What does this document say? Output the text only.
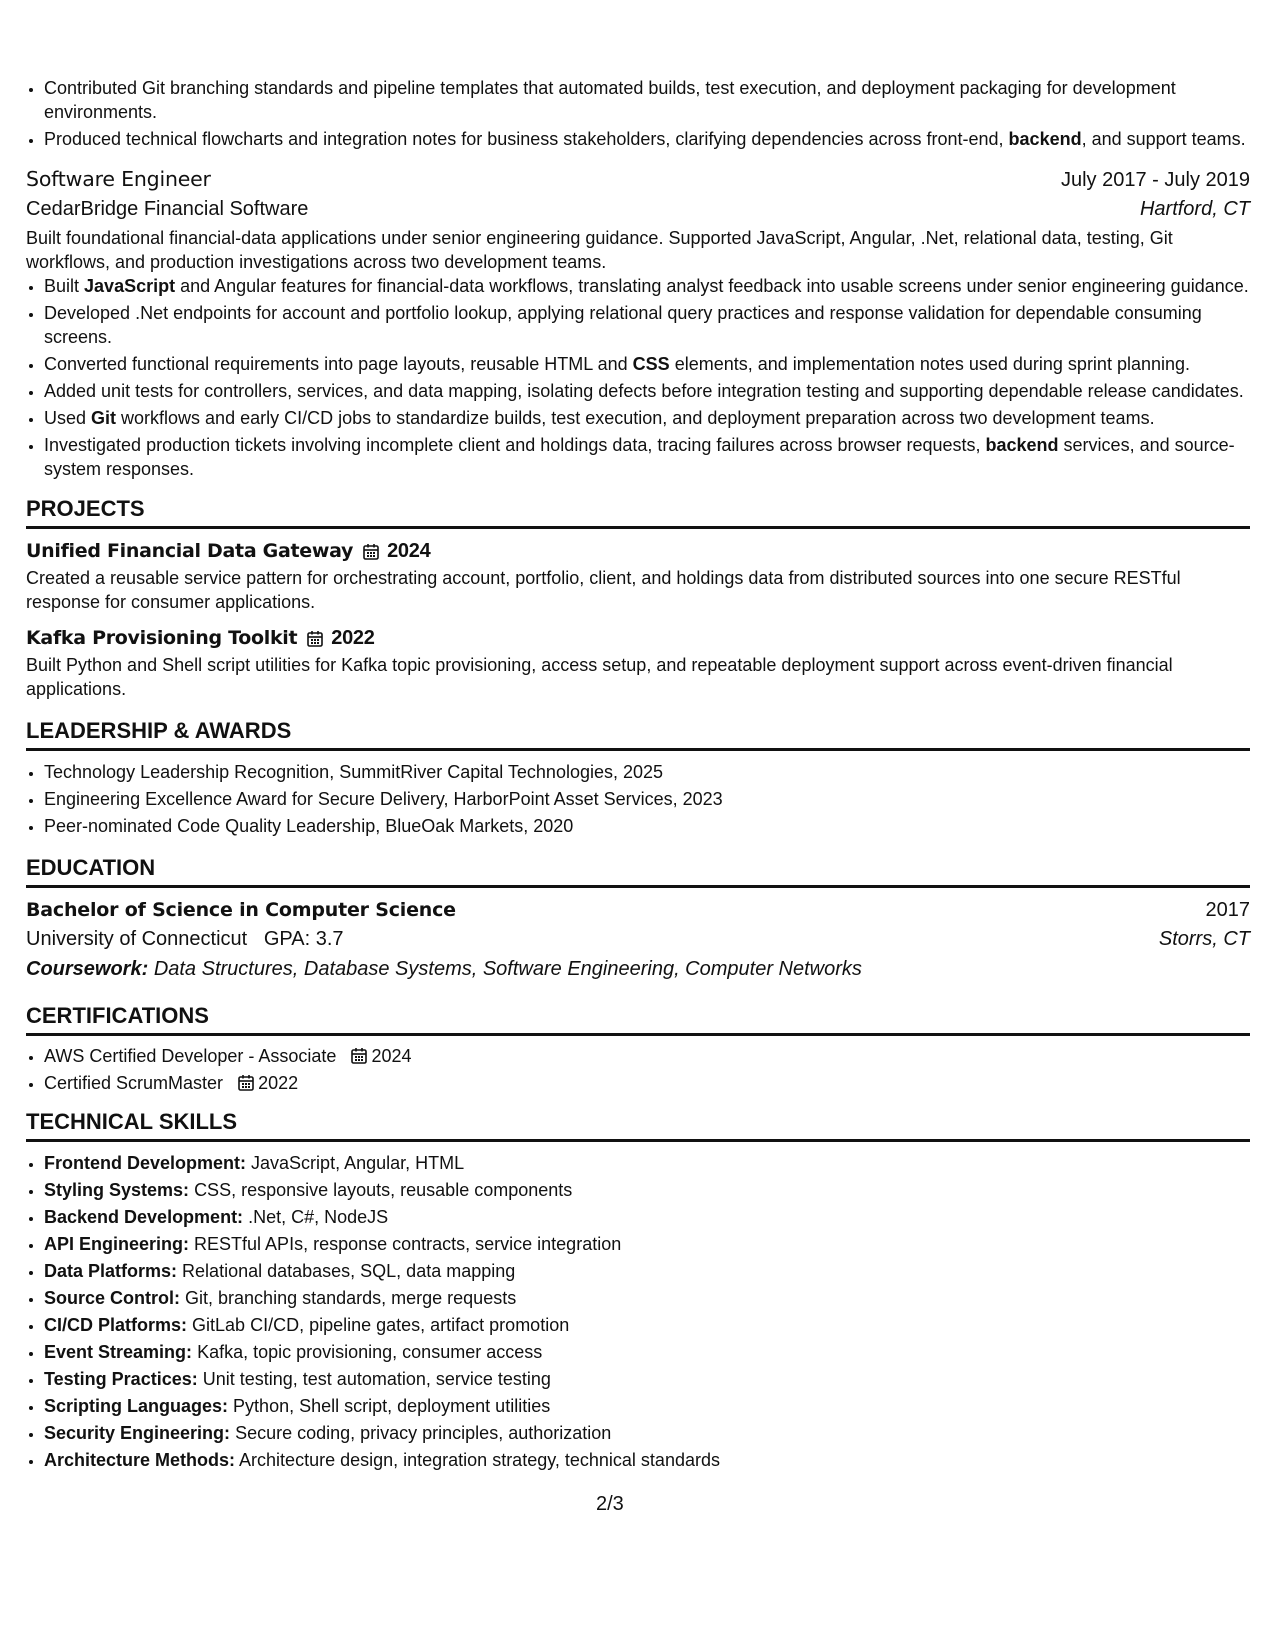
• Contributed Git branching standards and pipeline templates that automated builds, test execution, and deployment packaging for development environments.
• Produced technical flowcharts and integration notes for business stakeholders, clarifying dependencies across front-end, backend, and support teams.
Software Engineer	July 2017 - July 2019
CedarBridge Financial Software	Hartford, CT
Built foundational financial-data applications under senior engineering guidance. Supported JavaScript, Angular, .Net, relational data, testing, Git workflows, and production investigations across two development teams.
• Built JavaScript and Angular features for financial-data workflows, translating analyst feedback into usable screens under senior engineering guidance.
• Developed .Net endpoints for account and portfolio lookup, applying relational query practices and response validation for dependable consuming screens.
• Converted functional requirements into page layouts, reusable HTML and CSS elements, and implementation notes used during sprint planning.
• Added unit tests for controllers, services, and data mapping, isolating defects before integration testing and supporting dependable release candidates.
• Used Git workflows and early CI/CD jobs to standardize builds, test execution, and deployment preparation across two development teams.
• Investigated production tickets involving incomplete client and holdings data, tracing failures across browser requests, backend services, and source-system responses.
PROJECTS
Unified Financial Data Gateway 2024
Created a reusable service pattern for orchestrating account, portfolio, client, and holdings data from distributed sources into one secure RESTful response for consumer applications.
Kafka Provisioning Toolkit 2022
Built Python and Shell script utilities for Kafka topic provisioning, access setup, and repeatable deployment support across event-driven financial applications.
LEADERSHIP & AWARDS
• Technology Leadership Recognition, SummitRiver Capital Technologies, 2025
• Engineering Excellence Award for Secure Delivery, HarborPoint Asset Services, 2023
• Peer-nominated Code Quality Leadership, BlueOak Markets, 2020
EDUCATION
Bachelor of Science in Computer Science	2017
University of Connecticut GPA: 3.7	Storrs, CT
Coursework: Data Structures, Database Systems, Software Engineering, Computer Networks
CERTIFICATIONS
• AWS Certified Developer - Associate 2024
• Certified ScrumMaster 2022
TECHNICAL SKILLS
• Frontend Development: JavaScript, Angular, HTML
• Styling Systems: CSS, responsive layouts, reusable components
• Backend Development: .Net, C#, NodeJS
• API Engineering: RESTful APIs, response contracts, service integration
• Data Platforms: Relational databases, SQL, data mapping
• Source Control: Git, branching standards, merge requests
• CI/CD Platforms: GitLab CI/CD, pipeline gates, artifact promotion
• Event Streaming: Kafka, topic provisioning, consumer access
• Testing Practices: Unit testing, test automation, service testing
• Scripting Languages: Python, Shell script, deployment utilities
• Security Engineering: Secure coding, privacy principles, authorization
• Architecture Methods: Architecture design, integration strategy, technical standards
2/3
